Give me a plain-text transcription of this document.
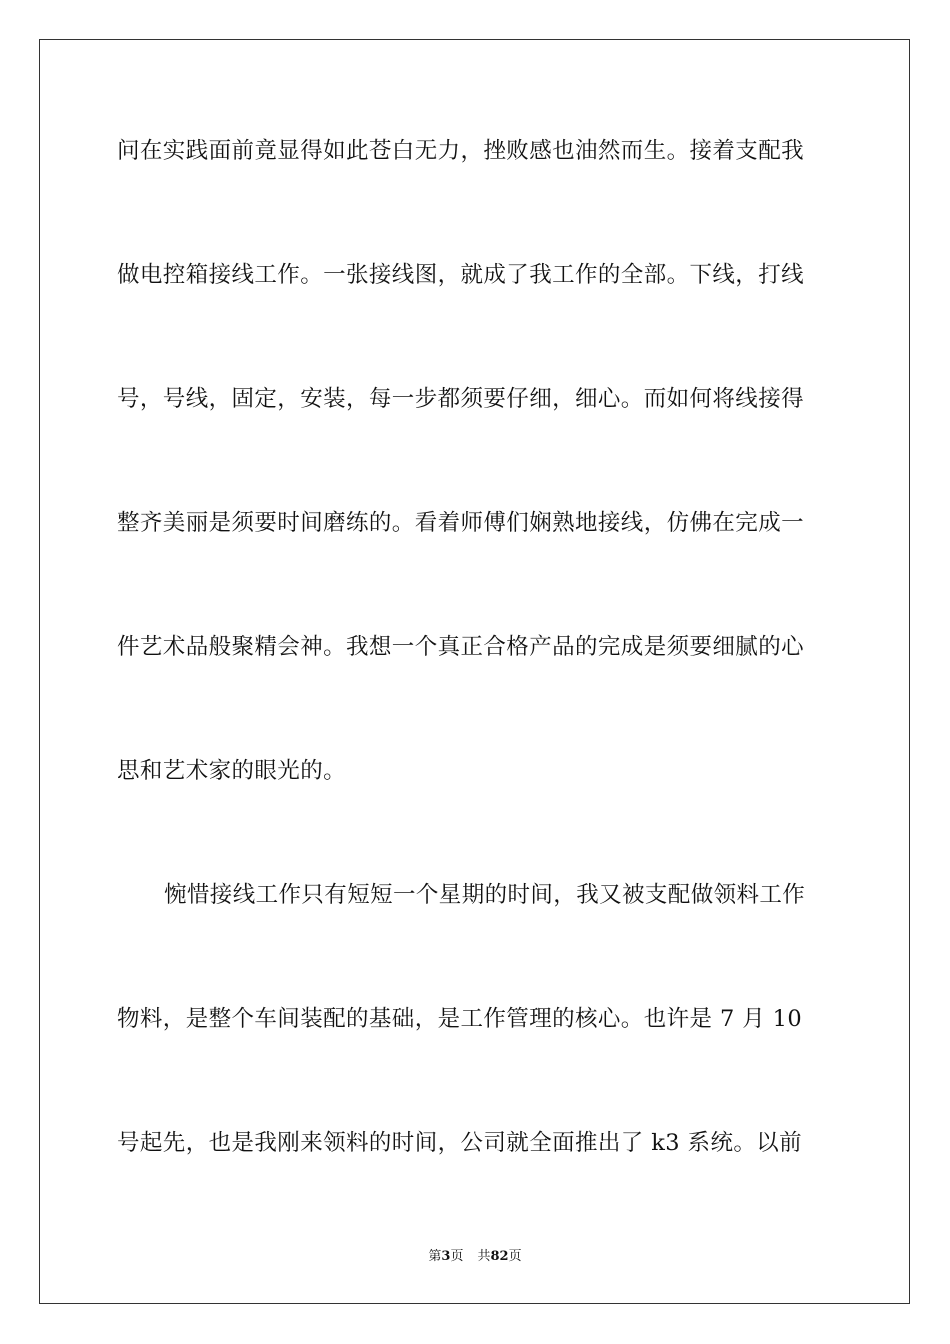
问在实践面前竟显得如此苍白无力，挫败感也油然而生。接着支配我
做电控箱接线工作。一张接线图，就成了我工作的全部。下线，打线
号，号线，固定，安装，每一步都须要仔细，细心。而如何将线接得
整齐美丽是须要时间磨练的。看着师傅们娴熟地接线，仿佛在完成一
件艺术品般聚精会神。我想一个真正合格产品的完成是须要细腻的心
思和艺术家的眼光的。
惋惜接线工作只有短短一个星期的时间，我又被支配做领料工作
物料，是整个车间装配的基础，是工作管理的核心。也许是 7 月 10
号起先，也是我刚来领料的时间，公司就全面推出了 k3 系统。以前
第3页 共82页
